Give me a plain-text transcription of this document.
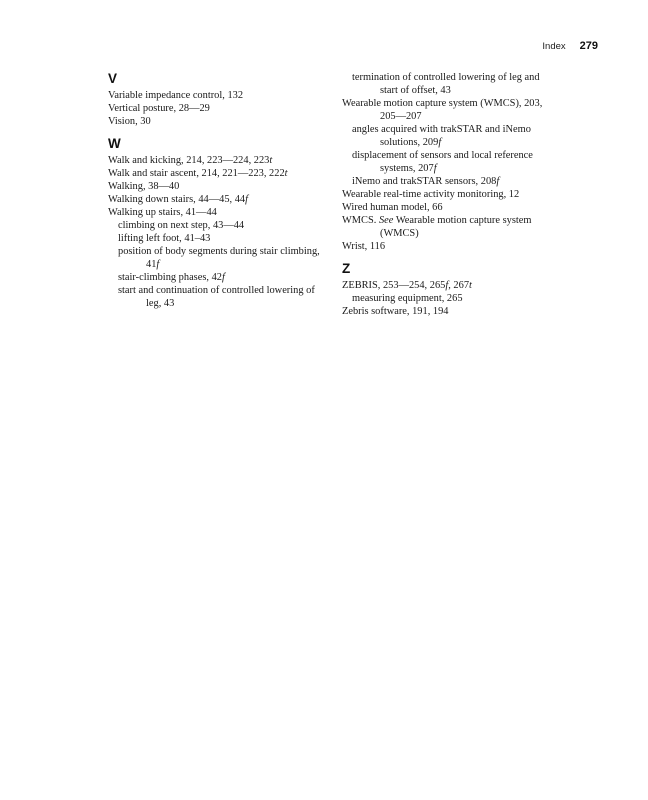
Index 279
V

Variable impedance control, 132

Vertical posture, 28—29

Vision, 30

W

Walk and kicking, 214, 223—224, 223t

Walk and stair ascent, 214, 221—223, 222t

Walking, 38—40

Walking down stairs, 44—45, 44f

Walking up stairs, 41—44

climbing on next step, 43—44

lifting left foot, 41–43

position of body segments during stair climbing, 41f

stair-climbing phases, 42f

start and continuation of controlled lowering of leg, 43

termination of controlled lowering of leg and start of offset, 43

Wearable motion capture system (WMCS), 203, 205—207

angles acquired with trakSTAR and iNemo solutions, 209f

displacement of sensors and local reference systems, 207f

iNemo and trakSTAR sensors, 208f

Wearable real-time activity monitoring, 12

Wired human model, 66

WMCS. See Wearable motion capture system (WMCS)

Wrist, 116

Z

ZEBRIS, 253—254, 265f, 267t

measuring equipment, 265

Zebris software, 191, 194
